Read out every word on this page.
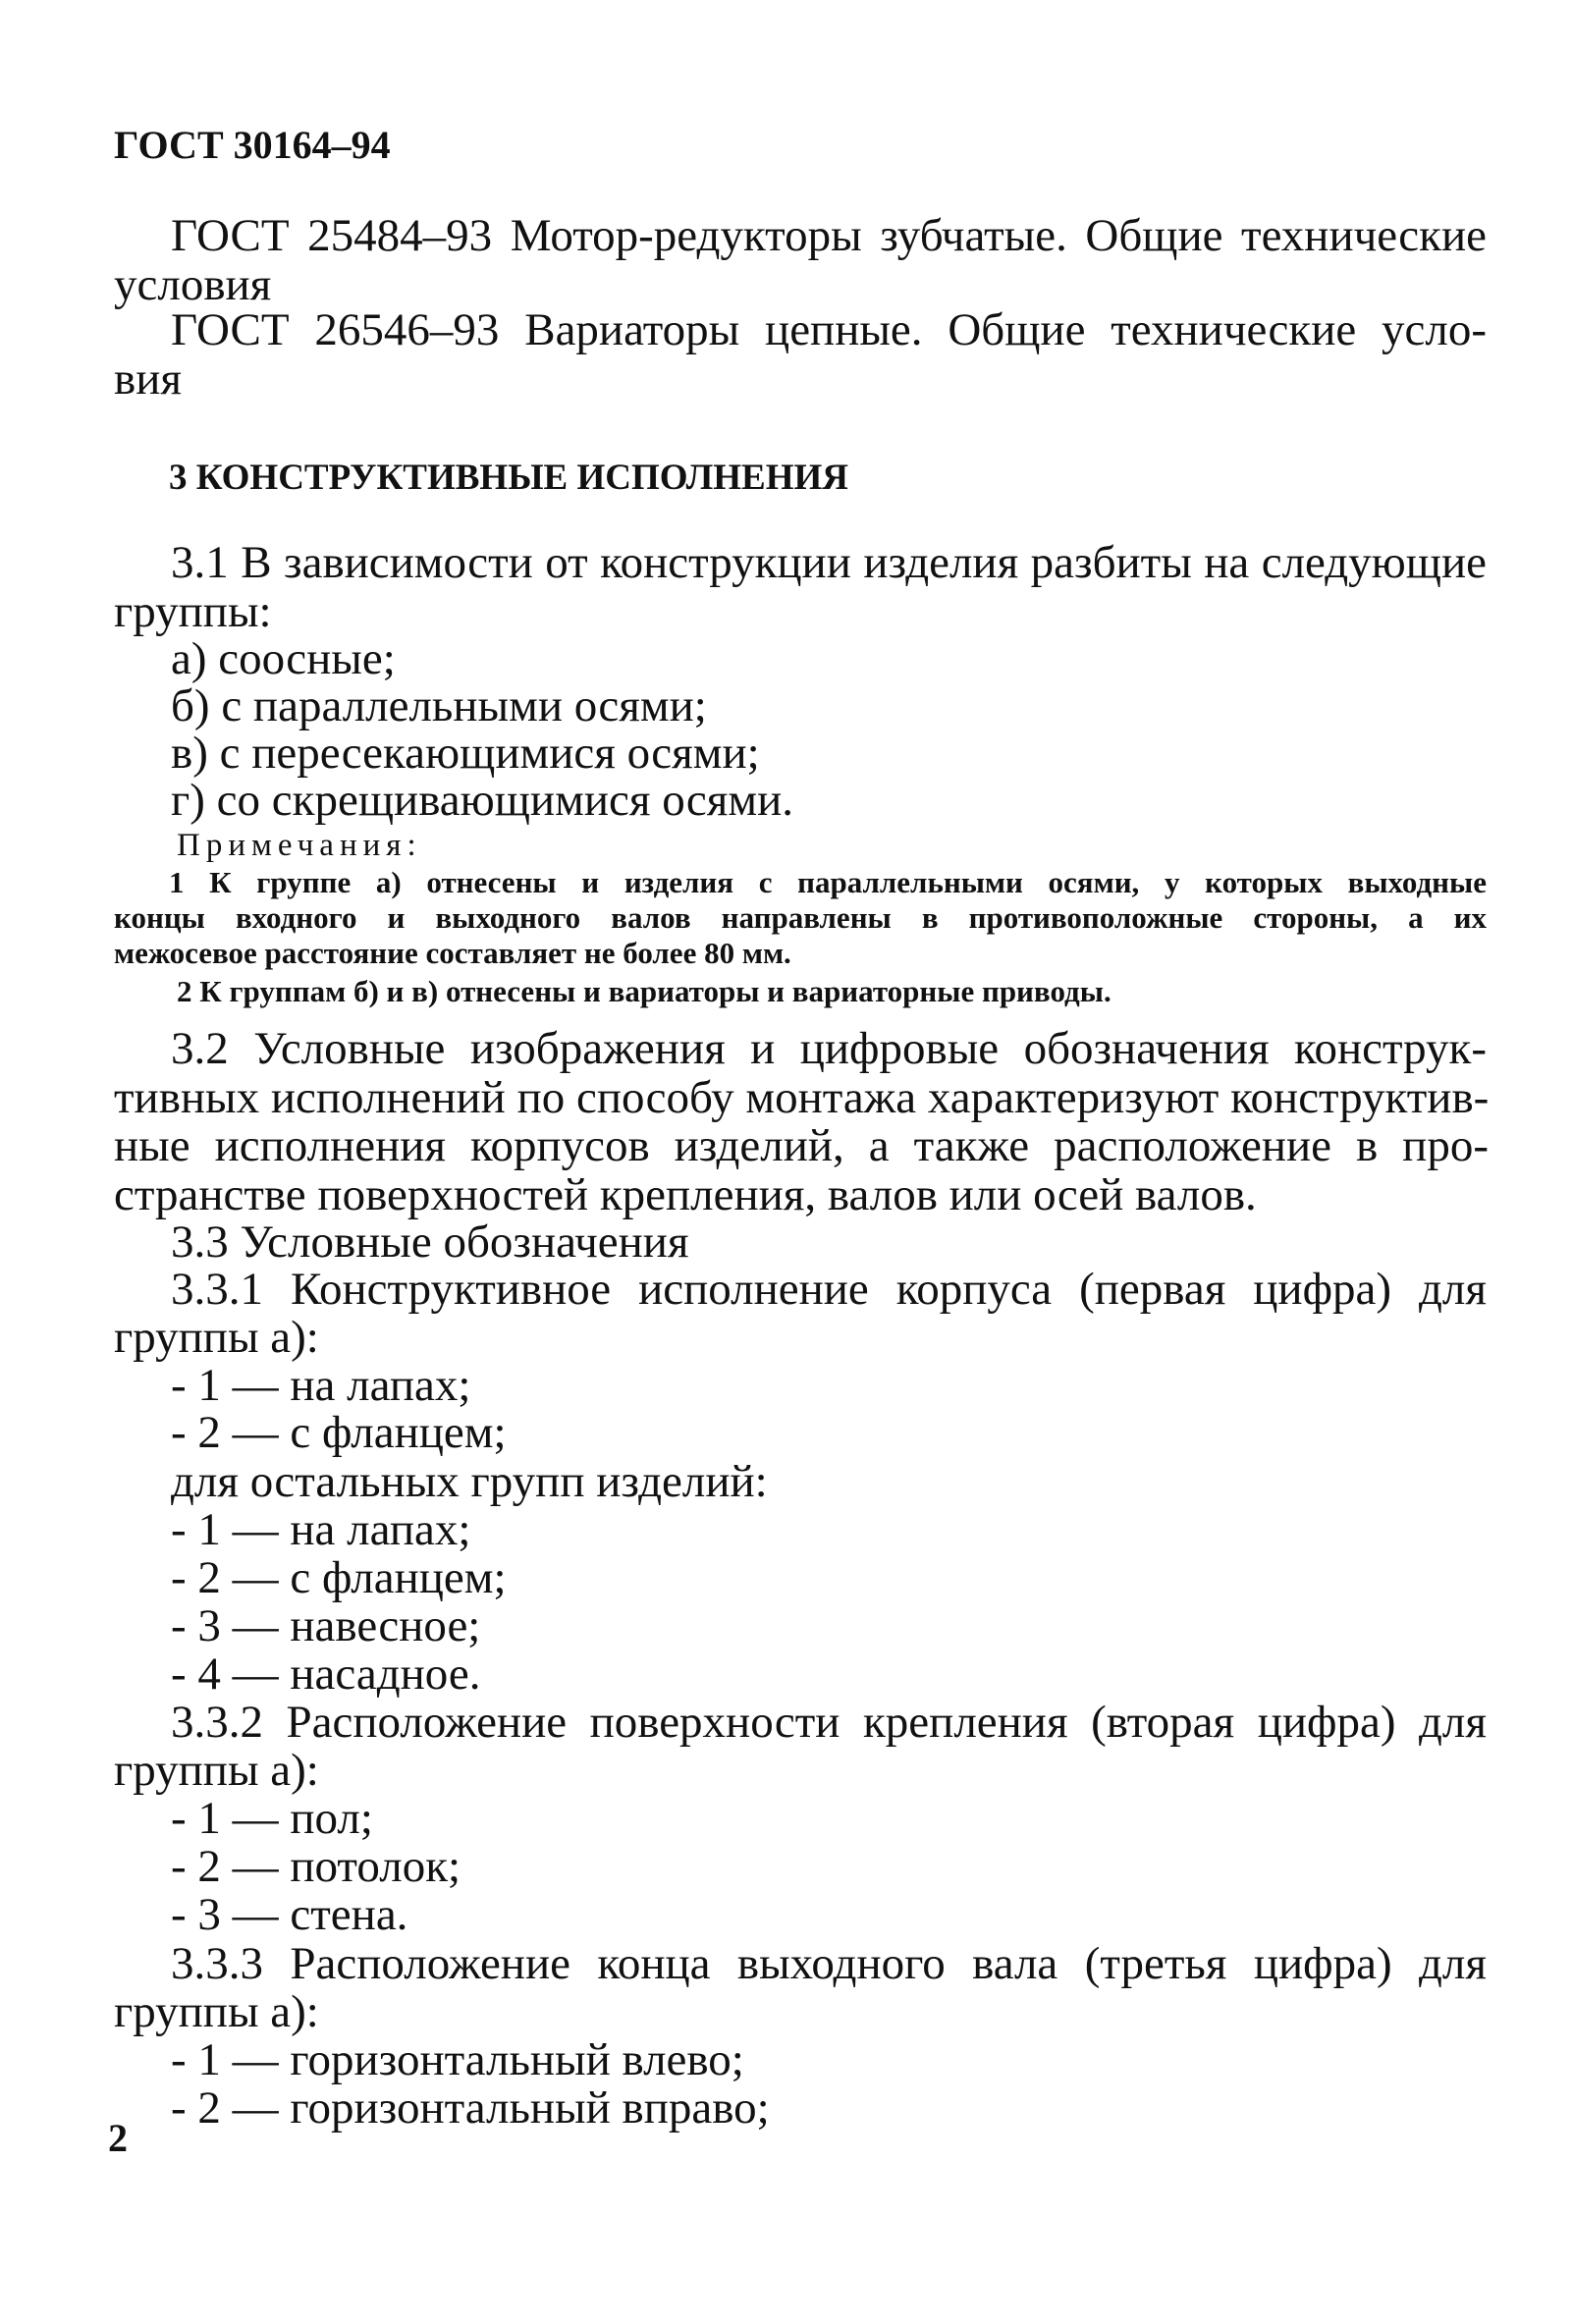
ГОСТ 30164–94
ГОСТ 25484–93 Мотор-редукторы зубчатые. Общие технические
условия
ГОСТ 26546–93 Вариаторы цепные. Общие технические усло-
вия
3 КОНСТРУКТИВНЫЕ ИСПОЛНЕНИЯ
3.1 В зависимости от конструкции изделия разбиты на следующие
группы:
а) соосные;
б) с параллельными осями;
в) с пересекающимися осями;
г) со скрещивающимися осями.
Примечания:
1 К группе а) отнесены и изделия с параллельными осями, у которых выходные
концы входного и выходного валов направлены в противоположные стороны, а их
межосевое расстояние составляет не более 80 мм.
2 К группам б) и в) отнесены и вариаторы и вариаторные приводы.
3.2 Условные изображения и цифровые обозначения конструк-
тивных исполнений по способу монтажа характеризуют конструктив-
ные исполнения корпусов изделий, а также расположение в про-
странстве поверхностей крепления, валов или осей валов.
3.3 Условные обозначения
3.3.1 Конструктивное исполнение корпуса (первая цифра) для
группы а):
- 1 — на лапах;
- 2 — с фланцем;
для остальных групп изделий:
- 1 — на лапах;
- 2 — с фланцем;
- 3 — навесное;
- 4 — насадное.
3.3.2 Расположение поверхности крепления (вторая цифра) для
группы а):
- 1 — пол;
- 2 — потолок;
- 3 — стена.
3.3.3 Расположение конца выходного вала (третья цифра) для
группы а):
- 1 — горизонтальный влево;
- 2 — горизонтальный вправо;
2
